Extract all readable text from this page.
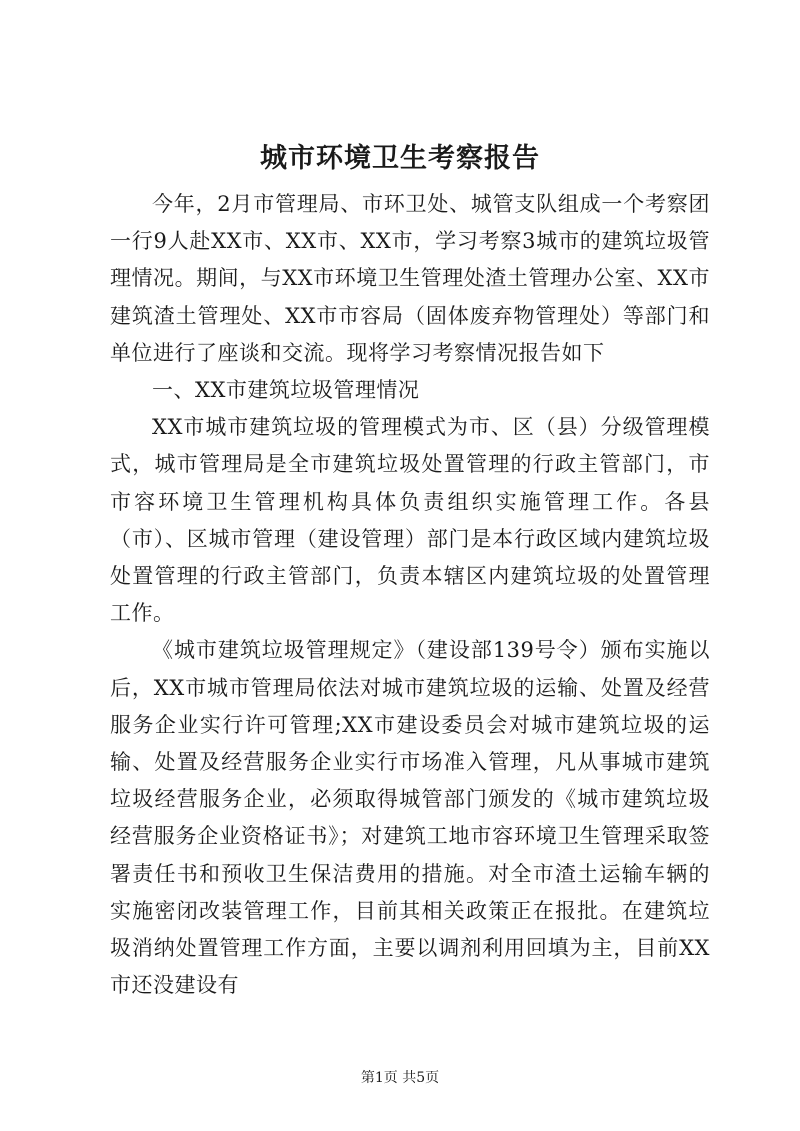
城市环境卫生考察报告

今年，2月市管理局、市环卫处、城管支队组成一个考察团一行9人赴XX市、XX市、XX市，学习考察3城市的建筑垃圾管理情况。期间，与XX市环境卫生管理处渣土管理办公室、XX市建筑渣土管理处、XX市市容局（固体废弃物管理处）等部门和单位进行了座谈和交流。现将学习考察情况报告如下

一、XX市建筑垃圾管理情况

XX市城市建筑垃圾的管理模式为市、区（县）分级管理模式，城市管理局是全市建筑垃圾处置管理的行政主管部门，市市容环境卫生管理机构具体负责组织实施管理工作。各县（市）、区城市管理（建设管理）部门是本行政区域内建筑垃圾处置管理的行政主管部门，负责本辖区内建筑垃圾的处置管理工作。

《城市建筑垃圾管理规定》（建设部139号令）颁布实施以后，XX市城市管理局依法对城市建筑垃圾的运输、处置及经营服务企业实行许可管理;XX市建设委员会对城市建筑垃圾的运输、处置及经营服务企业实行市场准入管理，凡从事城市建筑垃圾经营服务企业，必须取得城管部门颁发的《城市建筑垃圾经营服务企业资格证书》；对建筑工地市容环境卫生管理采取签署责任书和预收卫生保洁费用的措施。对全市渣土运输车辆的实施密闭改装管理工作，目前其相关政策正在报批。在建筑垃圾消纳处置管理工作方面，主要以调剂利用回填为主，目前XX市还没建设有

第1页 共5页
